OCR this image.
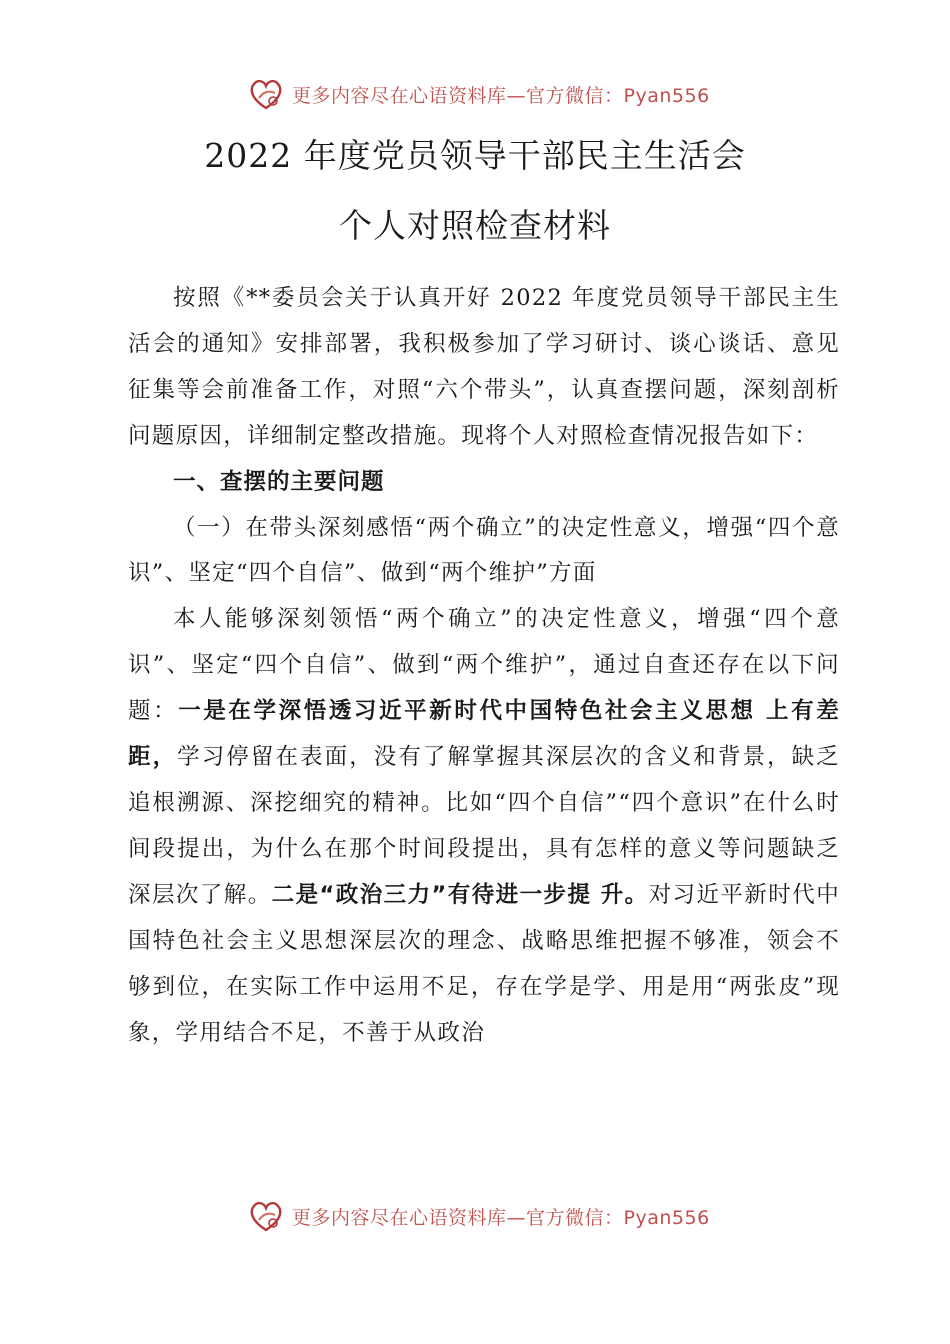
更多内容尽在心语资料库—官方微信：Pyan556
2022 年度党员领导干部民主生活会
个人对照检查材料

按照《**委员会关于认真开好 2022 年度党员领导干部民主生活会的通知》安排部署，我积极参加了学习研讨、谈心谈话、意见征集等会前准备工作，对照“六个带头”，认真查摆问题，深刻剖析问题原因，详细制定整改措施。现将个人对照检查情况报告如下：

一、查摆的主要问题

（一）在带头深刻感悟“两个确立”的决定性意义，增强“四个意识”、坚定“四个自信”、做到“两个维护”方面

本人能够深刻领悟“两个确立”的决定性意义，增强“四个意识”、坚定“四个自信”、做到“两个维护”，通过自查还存在以下问题：一是在学深悟透习近平新时代中国特色社会主义思想 上有差距，学习停留在表面，没有了解掌握其深层次的含义和背景，缺乏追根溯源、深挖细究的精神。比如“四个自信”“四个意识”在什么时间段提出，为什么在那个时间段提出，具有怎样的意义等问题缺乏深层次了解。二是“政治三力”有待进一步提 升。对习近平新时代中国特色社会主义思想深层次的理念、战略思维把握不够准，领会不够到位，在实际工作中运用不足，存在学是学、用是用“两张皮”现象，学用结合不足，不善于从政治

更多内容尽在心语资料库—官方微信：Pyan556
